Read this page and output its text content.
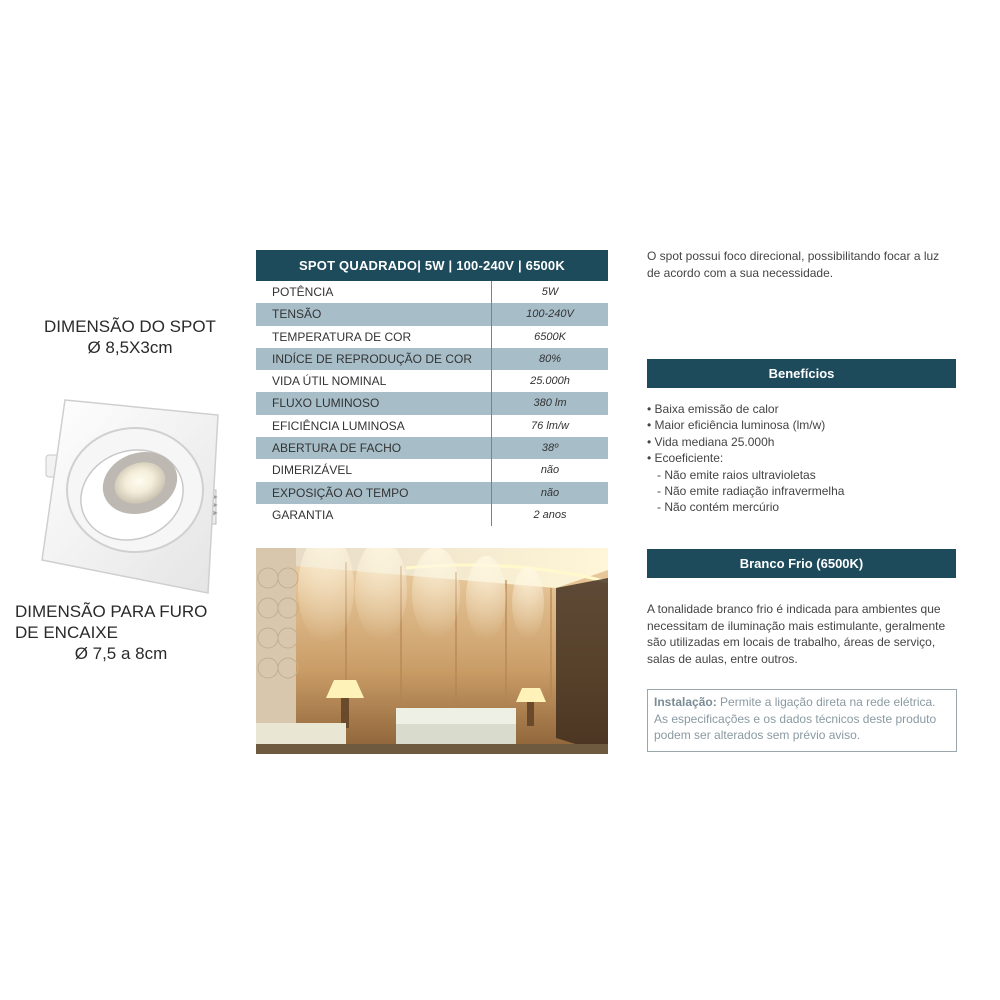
DIMENSÃO DO SPOT
Ø 8,5X3cm
DIMENSÃO PARA FURO
DE ENCAIXE
Ø 7,5 a 8cm
SPOT QUADRADO| 5W | 100-240V | 6500K
POTÊNCIA	5W
TENSÃO	100-240V
TEMPERATURA DE COR	6500K
INDÍCE DE REPRODUÇÃO DE COR	80%
VIDA ÚTIL NOMINAL	25.000h
FLUXO LUMINOSO	380 lm
EFICIÊNCIA LUMINOSA	76 lm/w
ABERTURA DE FACHO	38º
DIMERIZÁVEL	não
EXPOSIÇÃO AO TEMPO	não
GARANTIA	2 anos
O spot possui foco direcional, possibilitando focar a luz de acordo com a sua necessidade.
Benefícios
• Baixa emissão de calor
• Maior eficiência luminosa (lm/w)
• Vida mediana 25.000h
• Ecoeficiente:
- Não emite raios ultravioletas
- Não emite radiação infravermelha
- Não contém mercúrio
Branco Frio (6500K)
A tonalidade branco frio é indicada para ambientes que necessitam de iluminação mais estimulante, geralmente são utilizadas em locais de trabalho, áreas de serviço, salas de aulas, entre outros.
Instalação: Permite a ligação direta na rede elétrica. As especificações e os dados técnicos deste produto podem ser alterados sem prévio aviso.
